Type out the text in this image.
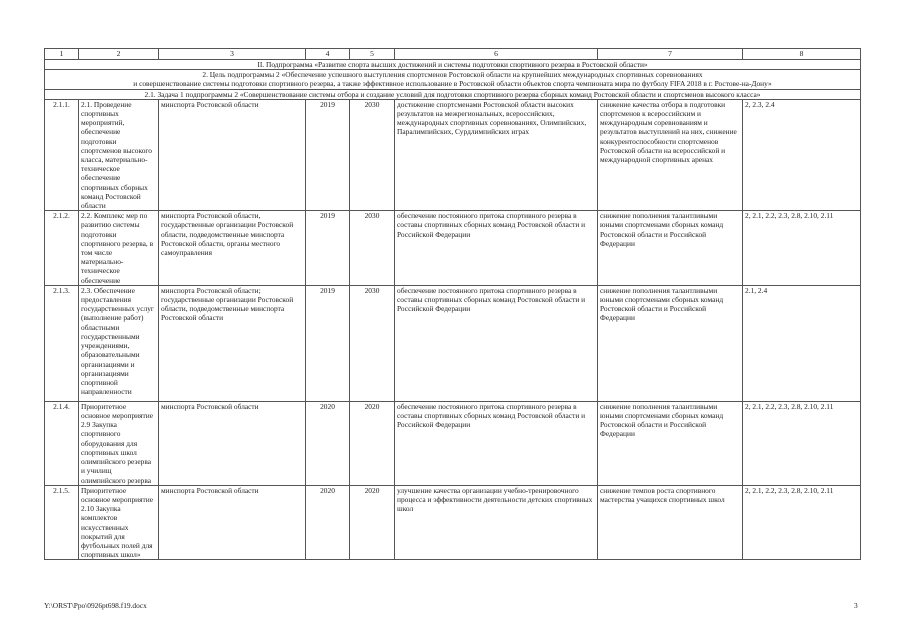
1	2	3	4	5	6	7	8
II. Подпрограмма «Развитие спорта высших достижений и системы подготовки спортивного резерва в Ростовской области»							

2. Цель подпрограммы 2 «Обеспечение успешного выступления спортсменов Ростовской области на крупнейших международных спортивных соревнованиях
и совершенствование системы подготовки спортивного резерва, а также эффективное использование в Ростовской области объектов спорта чемпионата мира по футболу FIFA 2018 в г. Ростове-на-Дону»							

2.1. Задача 1 подпрограммы 2 «Совершенствование системы отбора и создание условий для подготовки спортивного резерва сборных команд Ростовской области и спортсменов высокого класса»							
2.1.1.	2.1. Проведение спортивных мероприятий, обеспечение подготовки спортсменов высокого класса, материально-техническое обеспечение спортивных сборных команд Ростовской области	минспорта Ростовской области	2019	2030	достижение спортсменами Ростовской области высоких результатов на межрегиональных, всероссийских, международных спортивных соревнованиях, Олимпийских, Паралимпийских, Сурдлимпийских играх	снижение качества отбора в подготовки спортсменов к всероссийским и международным соревнованиям и результатов выступлений на них, снижение конкурентоспособности спортсменов Ростовской области на всероссийской и международной спортивных аренах	2, 2.3, 2.4
2.1.2.	2.2. Комплекс мер по развитию системы подготовки спортивного резерва, в том числе материально-техническое обеспечение	минспорта Ростовской области, государственные организации Ростовской области, подведомственные минспорта Ростовской области, органы местного самоуправления	2019	2030	обеспечение постоянного притока спортивного резерва в составы спортивных сборных команд Ростовской области и Российской Федерации	снижение пополнения талантливыми юными спортсменами сборных команд Ростовской области и Российской Федерации	2, 2.1, 2.2, 2.3, 2.8, 2.10, 2.11
2.1.3.	2.3. Обеспечение предоставления государственных услуг (выполнение работ) областными государственными учреждениями, образовательными организациями и организациями спортивной направленности	минспорта Ростовской области; государственные организации Ростовской области, подведомственные минспорта Ростовской области	2019	2030	обеспечение постоянного притока спортивного резерва в составы спортивных сборных команд Ростовской области и Российской Федерации	снижение пополнения талантливыми юными спортсменами сборных команд Ростовской области и Российской Федерации	2.1, 2.4
2.1.4.	Приоритетное основное мероприятие 2.9 Закупка спортивного оборудования для спортивных школ олимпийского резерва и училищ олимпийского резерва	минспорта Ростовской области	2020	2020	обеспечение постоянного притока спортивного резерва в составы спортивных сборных команд Ростовской области и Российской Федерации	снижение пополнения талантливыми юными спортсменами сборных команд Ростовской области и Российской Федерации	2, 2.1, 2.2, 2.3, 2.8, 2.10, 2.11
2.1.5.	Приоритетное основное мероприятие 2.10 Закупка комплектов искусственных покрытий для футбольных полей для спортивных школ»	минспорта Ростовской области	2020	2020	улучшение качества организации учебно-тренировочного процесса и эффективности деятельности детских спортивных школ	снижение темпов роста спортивного мастерства учащихся спортивных школ	2, 2.1, 2.2, 2.3, 2.8, 2.10, 2.11
Y:\ORST\Ppo\0926pt698.f19.docx	3
